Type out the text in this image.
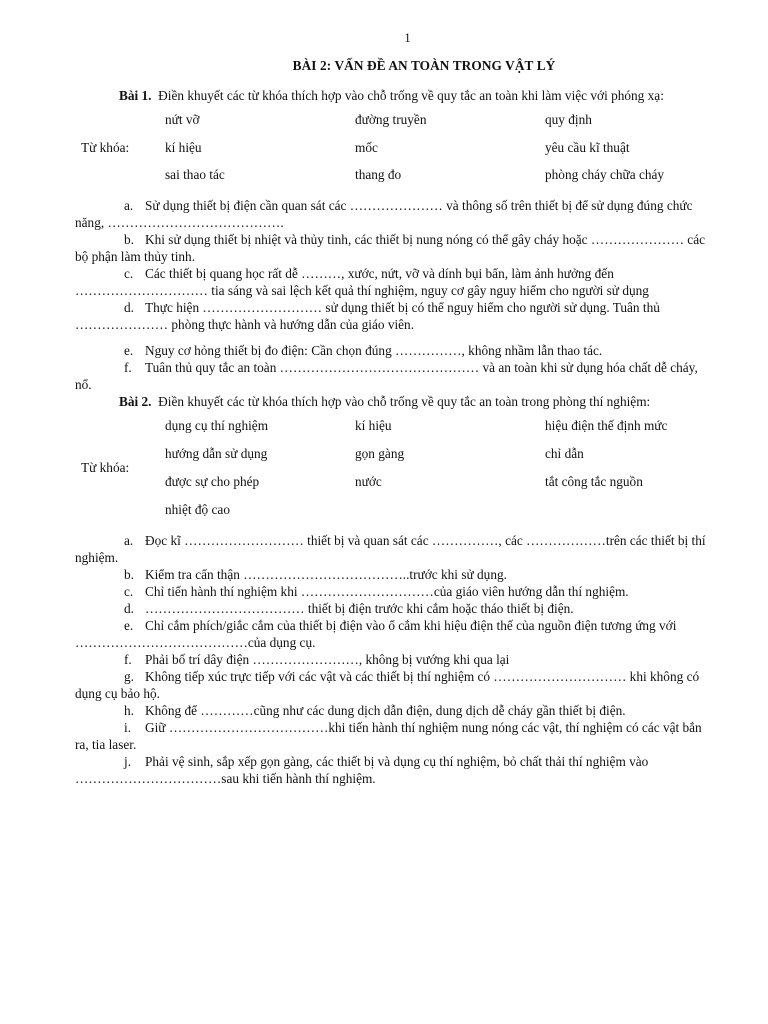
1
BÀI 2: VẤN ĐỀ AN TOÀN TRONG VẬT LÝ

Bài 1. Điền khuyết các từ khóa thích hợp vào chỗ trống về quy tắc an toàn khi làm việc với phóng xạ:

Từ khóa:
nứt vỡ	đường truyền	quy định
kí hiệu	mốc	yêu cầu kĩ thuật
sai thao tác	thang đo	phòng cháy chữa cháy

a. Sử dụng thiết bị điện cần quan sát các ………………… và thông số trên thiết bị để sử dụng đúng chức năng, ………………………………….

b. Khi sử dụng thiết bị nhiệt và thủy tinh, các thiết bị nung nóng có thể gây cháy hoặc ………………… các bộ phận làm thủy tinh.

c. Các thiết bị quang học rất dễ ………, xước, nứt, vỡ và dính bụi bẩn, làm ảnh hưởng đến ………………………… tia sáng và sai lệch kết quả thí nghiệm, nguy cơ gây nguy hiểm cho người sử dụng

d. Thực hiện ……………………… sử dụng thiết bị có thể nguy hiểm cho người sử dụng. Tuân thủ ………………… phòng thực hành và hướng dẫn của giáo viên.

e. Nguy cơ hỏng thiết bị đo điện: Cần chọn đúng ……………, không nhầm lẫn thao tác.

f. Tuân thủ quy tắc an toàn ……………………………………… và an toàn khi sử dụng hóa chất dễ cháy, nổ.

Bài 2. Điền khuyết các từ khóa thích hợp vào chỗ trống về quy tắc an toàn trong phòng thí nghiệm:

Từ khóa:
dụng cụ thí nghiệm	kí hiệu	hiệu điện thế định mức
hướng dẫn sử dụng	gọn gàng	chỉ dẫn
được sự cho phép	nước	tắt công tắc nguồn
nhiệt độ cao

a. Đọc kĩ ……………………… thiết bị và quan sát các ……………, các ………………trên các thiết bị thí nghiệm.

b. Kiểm tra cẩn thận ………………………………..trước khi sử dụng.

c. Chỉ tiến hành thí nghiệm khi …………………………của giáo viên hướng dẫn thí nghiệm.

d. ……………………………… thiết bị điện trước khi cắm hoặc tháo thiết bị điện.

e. Chỉ cắm phích/giắc cắm của thiết bị điện vào ổ cắm khi hiệu điện thế của nguồn điện tương ứng với …………………………………của dụng cụ.

f. Phải bố trí dây điện ……………………, không bị vướng khi qua lại

g. Không tiếp xúc trực tiếp với các vật và các thiết bị thí nghiệm có ………………………… khi không có dụng cụ bảo hộ.

h. Không để …………cũng như các dung dịch dẫn điện, dung dịch dễ cháy gần thiết bị điện.

i. Giữ ………………………………khi tiến hành thí nghiệm nung nóng các vật, thí nghiệm có các vật bắn ra, tia laser.

j. Phải vệ sinh, sắp xếp gọn gàng, các thiết bị và dụng cụ thí nghiệm, bỏ chất thải thí nghiệm vào ……………………………sau khi tiến hành thí nghiệm.
